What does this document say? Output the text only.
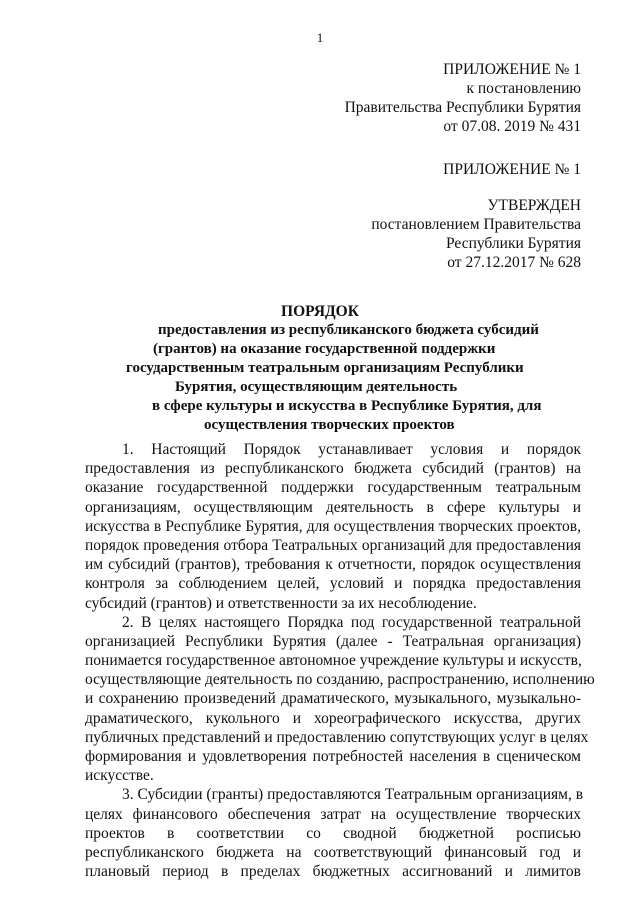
1
ПРИЛОЖЕНИЕ № 1
к постановлению
Правительства Республики Бурятия
от 07.08. 2019 № 431
ПРИЛОЖЕНИЕ № 1
УТВЕРЖДЕН
постановлением Правительства
Республики Бурятия
от 27.12.2017 № 628
ПОРЯДОК
предоставления из республиканского бюджета субсидий
(грантов) на оказание государственной поддержки
государственным театральным организациям Республики
Бурятия, осуществляющим деятельность
в сфере культуры и искусства в Республике Бурятия, для
осуществления творческих проектов
1. Настоящий Порядок устанавливает условия и порядок
предоставления из республиканского бюджета субсидий (грантов) на
оказание государственной поддержки государственным театральным
организациям, осуществляющим деятельность в сфере культуры и
искусства в Республике Бурятия, для осуществления творческих проектов,
порядок проведения отбора Театральных организаций для предоставления
им субсидий (грантов), требования к отчетности, порядок осуществления
контроля за соблюдением целей, условий и порядка предоставления
субсидий (грантов) и ответственности за их несоблюдение.
2. В целях настоящего Порядка под государственной театральной
организацией Республики Бурятия (далее - Театральная организация)
понимается государственное автономное учреждение культуры и искусств,
осуществляющие деятельность по созданию, распространению, исполнению
и сохранению произведений драматического, музыкального, музыкально-
драматического, кукольного и хореографического искусства, других
публичных представлений и предоставлению сопутствующих услуг в целях
формирования и удовлетворения потребностей населения в сценическом
искусстве.
3. Субсидии (гранты) предоставляются Театральным организациям, в
целях финансового обеспечения затрат на осуществление творческих
проектов в соответствии со сводной бюджетной росписью
республиканского бюджета на соответствующий финансовый год и
плановый период в пределах бюджетных ассигнований и лимитов
